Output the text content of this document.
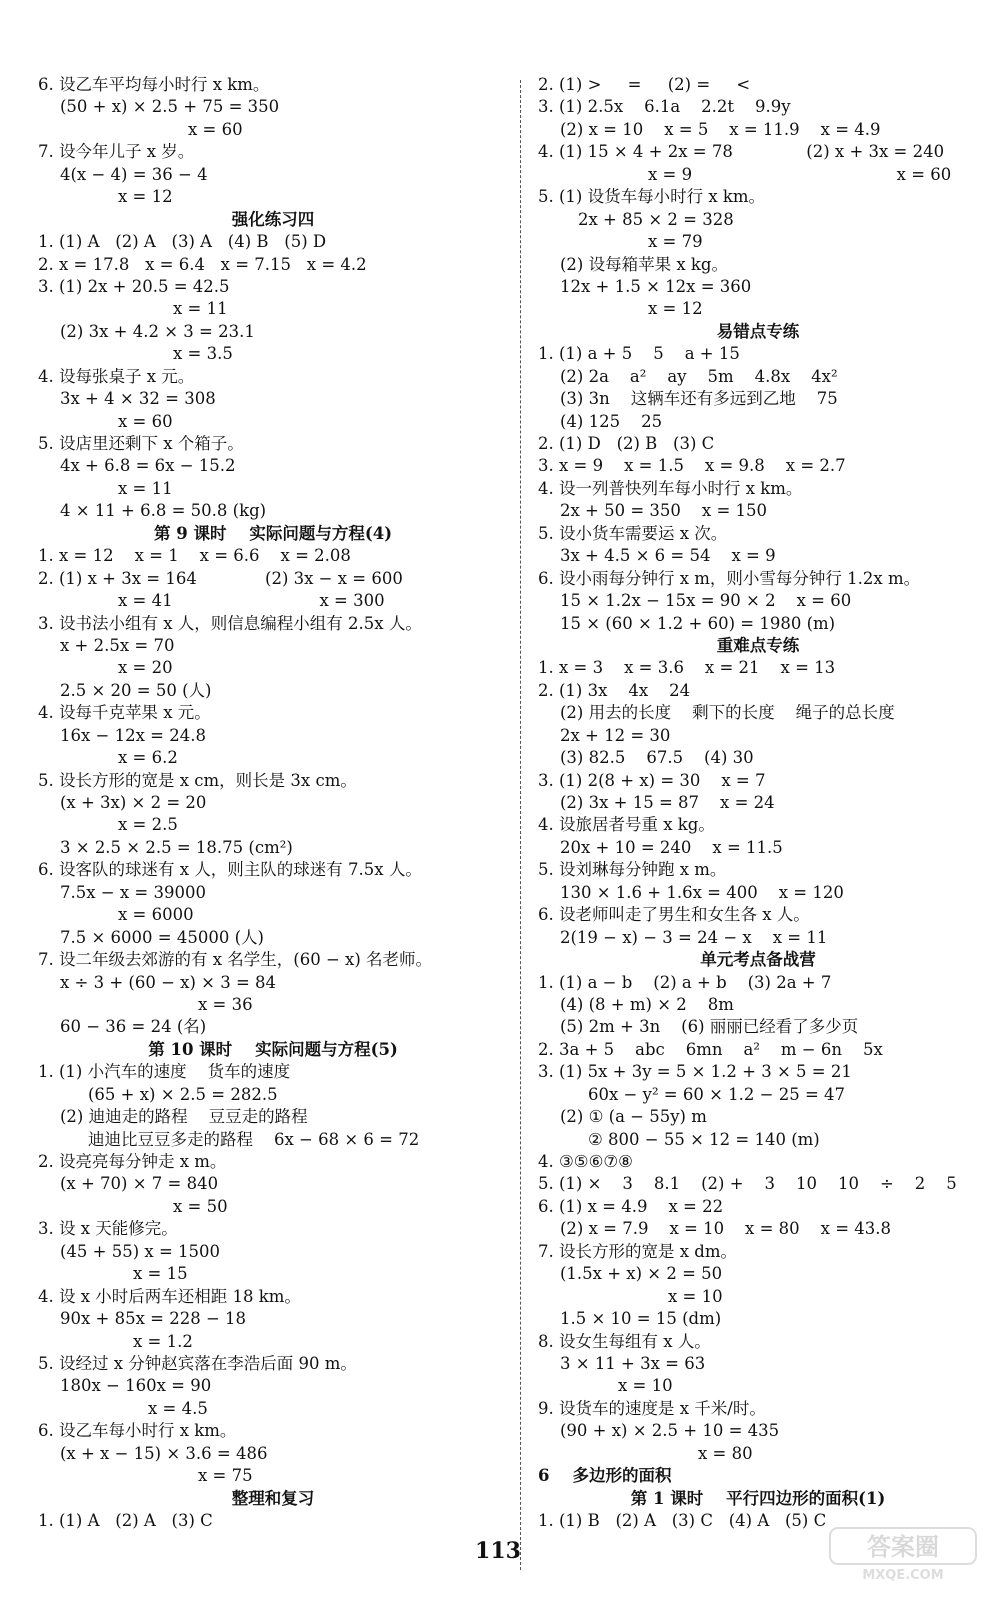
6. 设乙车平均每小时行 x km。
(50 + x) × 2.5 + 75 = 350
x = 60
7. 设今年儿子 x 岁。
4(x − 4) = 36 − 4
x = 12
强化练习四
1. (1) A   (2) A   (3) A   (4) B   (5) D
2. x = 17.8   x = 6.4   x = 7.15   x = 4.2
3. (1) 2x + 20.5 = 42.5
x = 11
(2) 3x + 4.2 × 3 = 23.1
x = 3.5
4. 设每张桌子 x 元。
3x + 4 × 32 = 308
x = 60
5. 设店里还剩下 x 个箱子。
4x + 6.8 = 6x − 15.2
x = 11
4 × 11 + 6.8 = 50.8 (kg)
第 9 课时    实际问题与方程(4)
1. x = 12    x = 1    x = 6.6    x = 2.08
2. (1) x + 3x = 164             (2) 3x − x = 600
x = 41                            x = 300
3. 设书法小组有 x 人，则信息编程小组有 2.5x 人。
x + 2.5x = 70
x = 20
2.5 × 20 = 50 (人)
4. 设每千克苹果 x 元。
16x − 12x = 24.8
x = 6.2
5. 设长方形的宽是 x cm，则长是 3x cm。
(x + 3x) × 2 = 20
x = 2.5
3 × 2.5 × 2.5 = 18.75 (cm²)
6. 设客队的球迷有 x 人，则主队的球迷有 7.5x 人。
7.5x − x = 39000
x = 6000
7.5 × 6000 = 45000 (人)
7. 设二年级去郊游的有 x 名学生，(60 − x) 名老师。
x ÷ 3 + (60 − x) × 3 = 84
x = 36
60 − 36 = 24 (名)
第 10 课时    实际问题与方程(5)
1. (1) 小汽车的速度    货车的速度
(65 + x) × 2.5 = 282.5
(2) 迪迪走的路程    豆豆走的路程
迪迪比豆豆多走的路程    6x − 68 × 6 = 72
2. 设亮亮每分钟走 x m。
(x + 70) × 7 = 840
x = 50
3. 设 x 天能修完。
(45 + 55) x = 1500
x = 15
4. 设 x 小时后两车还相距 18 km。
90x + 85x = 228 − 18
x = 1.2
5. 设经过 x 分钟赵宾落在李浩后面 90 m。
180x − 160x = 90
x = 4.5
6. 设乙车每小时行 x km。
(x + x − 15) × 3.6 = 486
x = 75
整理和复习
1. (1) A   (2) A   (3) C
2. (1) >     =     (2) =     <
3. (1) 2.5x    6.1a    2.2t    9.9y
(2) x = 10    x = 5    x = 11.9    x = 4.9
4. (1) 15 × 4 + 2x = 78              (2) x + 3x = 240
x = 9                                       x = 60
5. (1) 设货车每小时行 x km。
2x + 85 × 2 = 328
x = 79
(2) 设每箱苹果 x kg。
12x + 1.5 × 12x = 360
x = 12
易错点专练
1. (1) a + 5    5    a + 15
(2) 2a    a²    ay    5m    4.8x    4x²
(3) 3n    这辆车还有多远到乙地    75
(4) 125    25
2. (1) D   (2) B   (3) C
3. x = 9    x = 1.5    x = 9.8    x = 2.7
4. 设一列普快列车每小时行 x km。
2x + 50 = 350    x = 150
5. 设小货车需要运 x 次。
3x + 4.5 × 6 = 54    x = 9
6. 设小雨每分钟行 x m，则小雪每分钟行 1.2x m。
15 × 1.2x − 15x = 90 × 2    x = 60
15 × (60 × 1.2 + 60) = 1980 (m)
重难点专练
1. x = 3    x = 3.6    x = 21    x = 13
2. (1) 3x    4x    24
(2) 用去的长度    剩下的长度    绳子的总长度
2x + 12 = 30
(3) 82.5    67.5    (4) 30
3. (1) 2(8 + x) = 30    x = 7
(2) 3x + 15 = 87    x = 24
4. 设旅居者号重 x kg。
20x + 10 = 240    x = 11.5
5. 设刘琳每分钟跑 x m。
130 × 1.6 + 1.6x = 400    x = 120
6. 设老师叫走了男生和女生各 x 人。
2(19 − x) − 3 = 24 − x    x = 11
单元考点备战营
1. (1) a − b    (2) a + b    (3) 2a + 7
(4) (8 + m) × 2    8m
(5) 2m + 3n    (6) 丽丽已经看了多少页
2. 3a + 5    abc    6mn    a²    m − 6n    5x
3. (1) 5x + 3y = 5 × 1.2 + 3 × 5 = 21
60x − y² = 60 × 1.2 − 25 = 47
(2) ① (a − 55y) m
② 800 − 55 × 12 = 140 (m)
4. ③⑤⑥⑦⑧
5. (1) ×    3    8.1    (2) +    3    10    10    ÷    2    5
6. (1) x = 4.9    x = 22
(2) x = 7.9    x = 10    x = 80    x = 43.8
7. 设长方形的宽是 x dm。
(1.5x + x) × 2 = 50
x = 10
1.5 × 10 = 15 (dm)
8. 设女生每组有 x 人。
3 × 11 + 3x = 63
x = 10
9. 设货车的速度是 x 千米/时。
(90 + x) × 2.5 + 10 = 435
x = 80
6    多边形的面积
第 1 课时    平行四边形的面积(1)
1. (1) B   (2) A   (3) C   (4) A   (5) C
113	答案圈
MXQE.COM
